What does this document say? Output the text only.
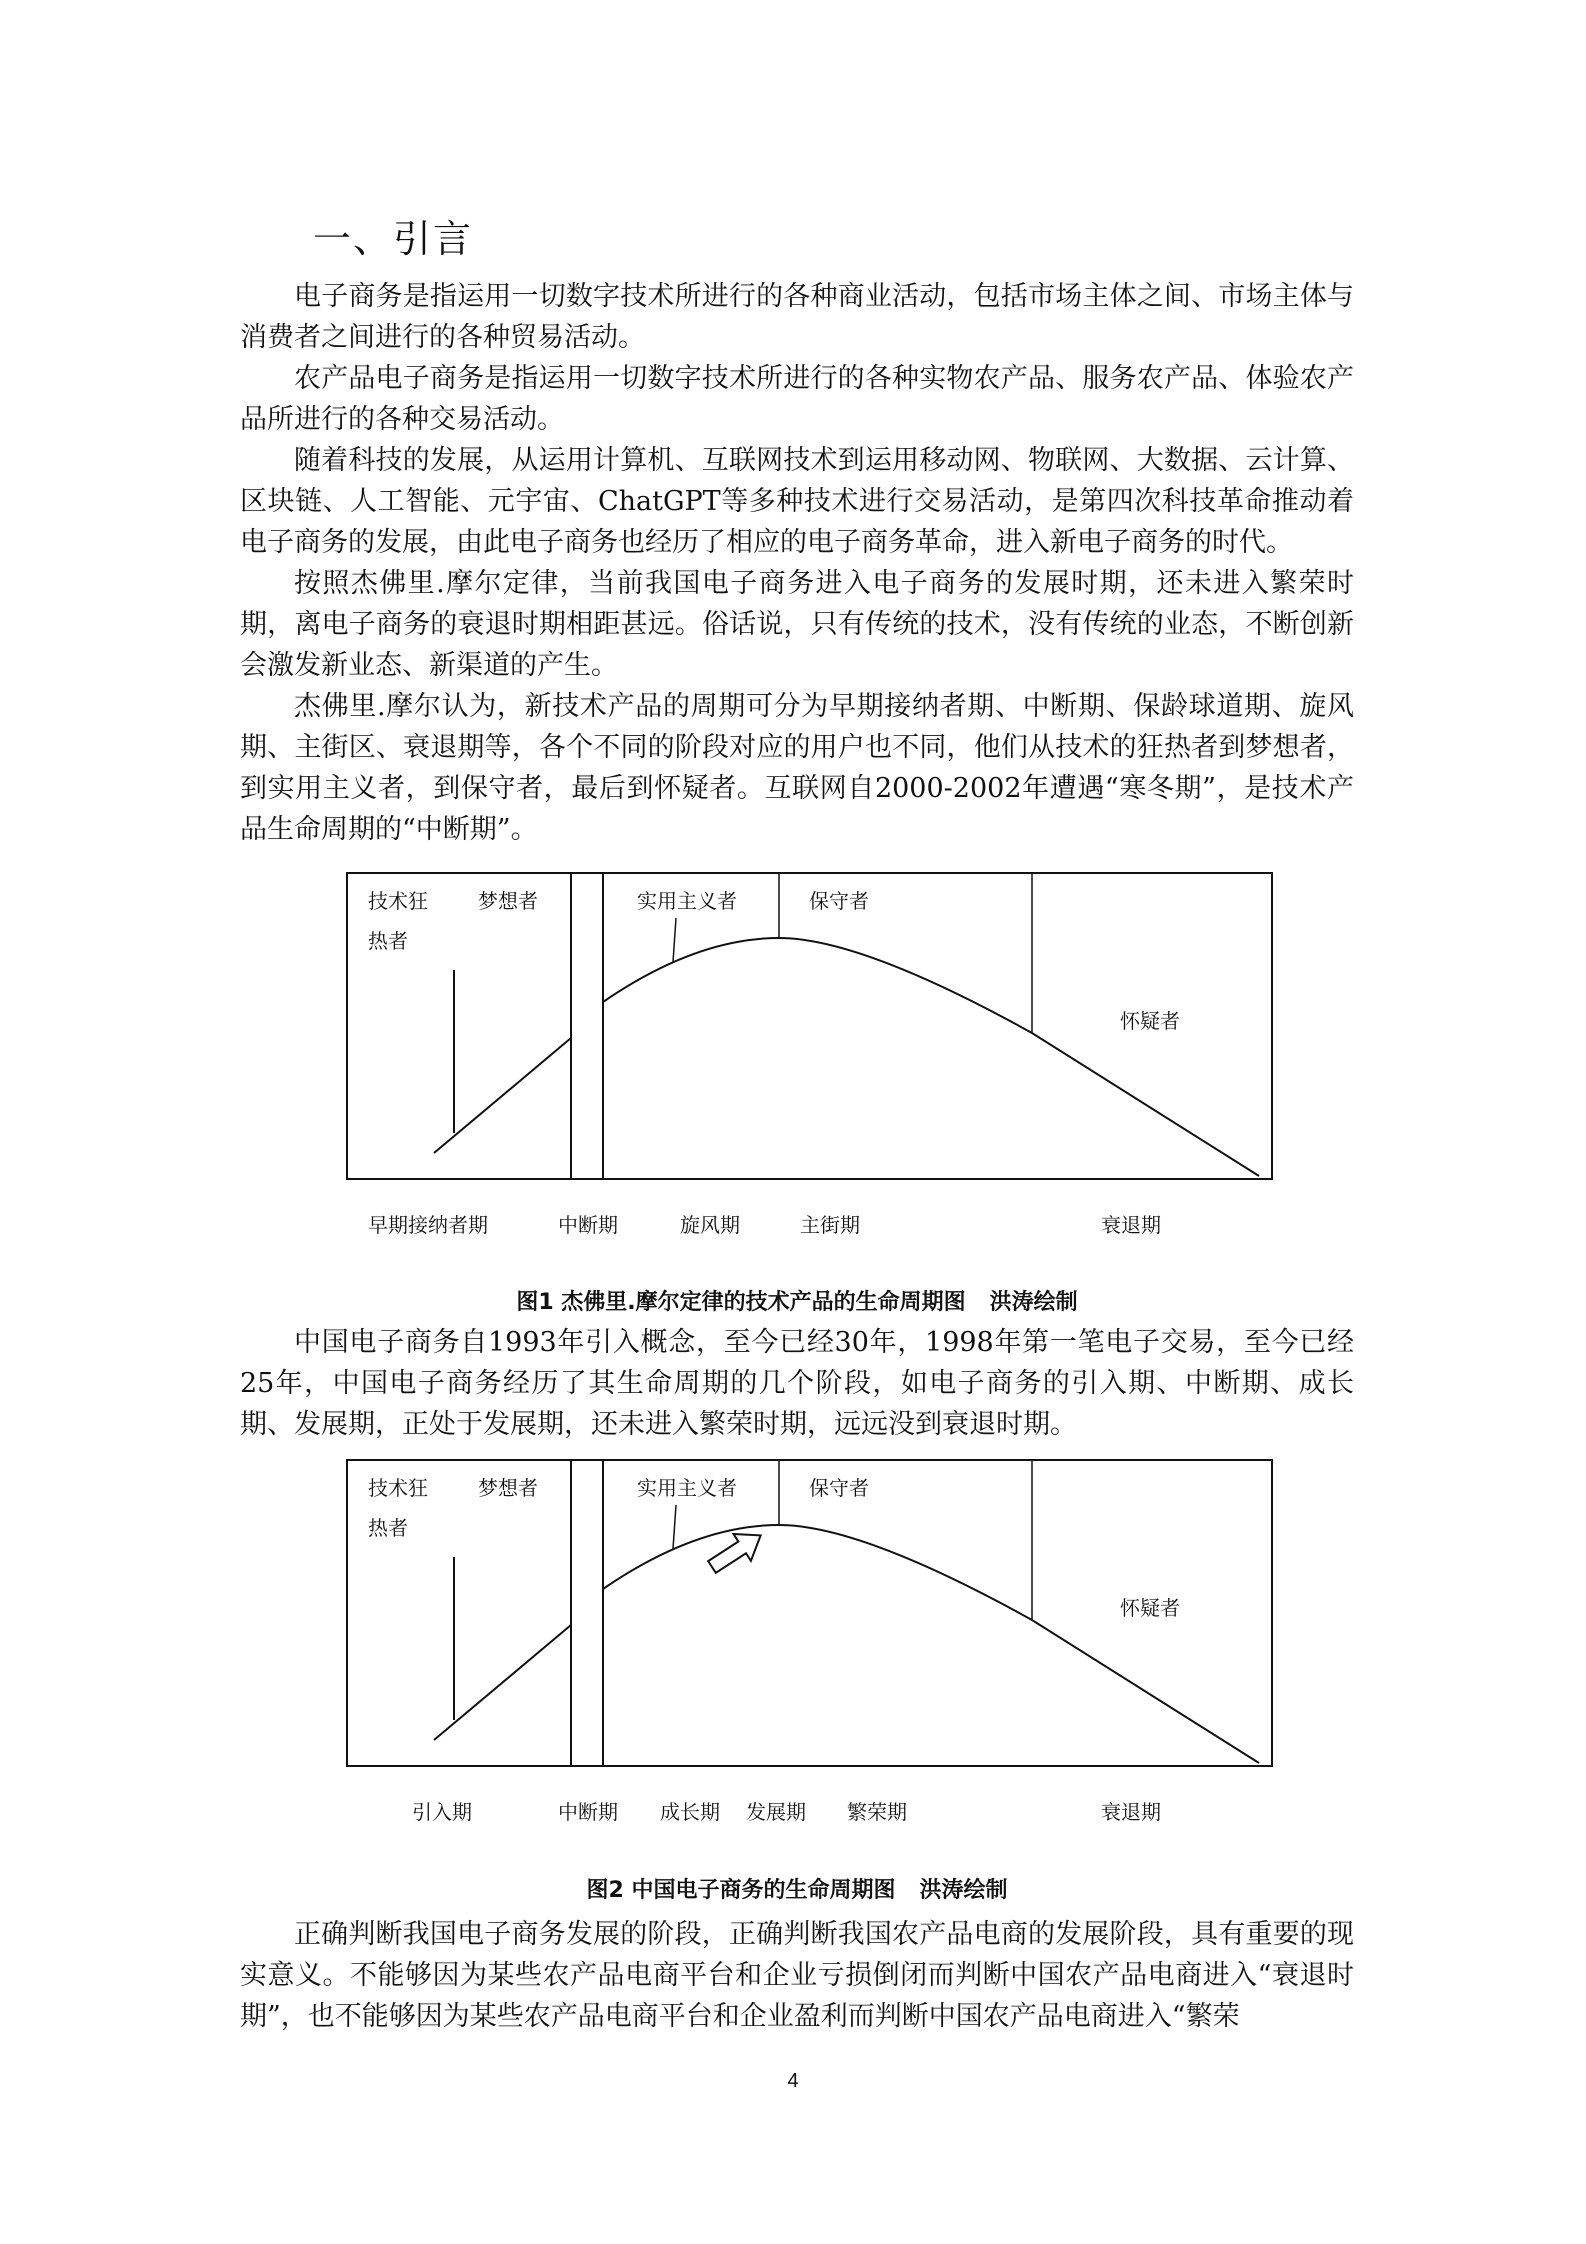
一、引言
电子商务是指运用一切数字技术所进行的各种商业活动，包括市场主体之间、市场主体与消费者之间进行的各种贸易活动。
农产品电子商务是指运用一切数字技术所进行的各种实物农产品、服务农产品、体验农产品所进行的各种交易活动。
随着科技的发展，从运用计算机、互联网技术到运用移动网、物联网、大数据、云计算、区块链、人工智能、元宇宙、ChatGPT等多种技术进行交易活动，是第四次科技革命推动着电子商务的发展，由此电子商务也经历了相应的电子商务革命，进入新电子商务的时代。
按照杰佛里.摩尔定律，当前我国电子商务进入电子商务的发展时期，还未进入繁荣时期，离电子商务的衰退时期相距甚远。俗话说，只有传统的技术，没有传统的业态，不断创新会激发新业态、新渠道的产生。
杰佛里.摩尔认为，新技术产品的周期可分为早期接纳者期、中断期、保龄球道期、旋风期、主街区、衰退期等，各个不同的阶段对应的用户也不同，他们从技术的狂热者到梦想者，到实用主义者，到保守者，最后到怀疑者。互联网自2000-2002年遭遇“寒冬期”，是技术产品生命周期的“中断期”。
技术狂
热者
梦想者	实用主义者	保守者
怀疑者
早期接纳者期	中断期	旋风期	主街期	衰退期
图1 杰佛里.摩尔定律的技术产品的生命周期图 洪涛绘制
中国电子商务自1993年引入概念，至今已经30年，1998年第一笔电子交易，至今已经25年，中国电子商务经历了其生命周期的几个阶段，如电子商务的引入期、中断期、成长期、发展期，正处于发展期，还未进入繁荣时期，远远没到衰退时期。
技术狂
热者
梦想者	实用主义者	保守者
怀疑者
引入期	中断期 成长期 发展期 繁荣期	衰退期
图2 中国电子商务的生命周期图 洪涛绘制
正确判断我国电子商务发展的阶段，正确判断我国农产品电商的发展阶段，具有重要的现实意义。不能够因为某些农产品电商平台和企业亏损倒闭而判断中国农产品电商进入“衰退时期”，也不能够因为某些农产品电商平台和企业盈利而判断中国农产品电商进入“繁荣
4
